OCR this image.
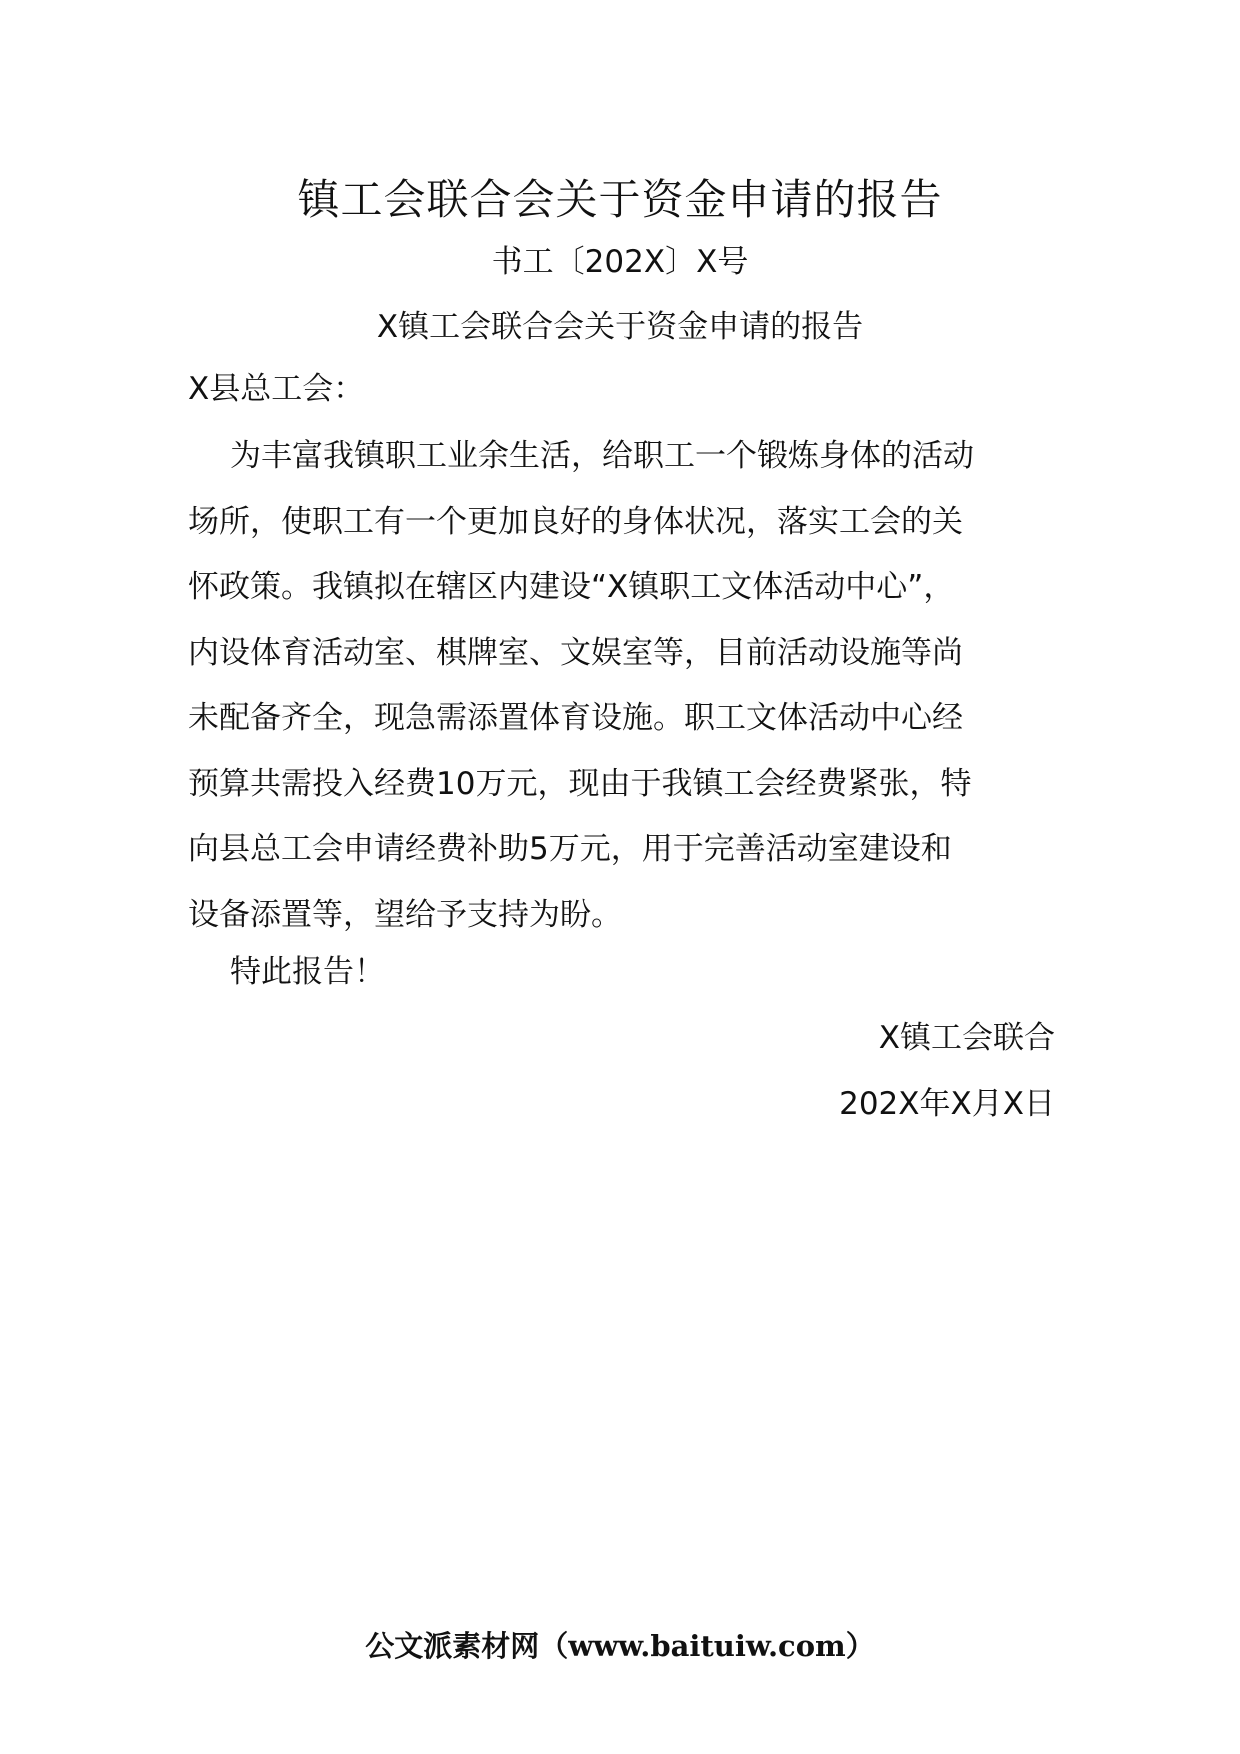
镇工会联合会关于资金申请的报告
书工〔202X〕X号
X镇工会联合会关于资金申请的报告
X县总工会：
为丰富我镇职工业余生活，给职工一个锻炼身体的活动
场所，使职工有一个更加良好的身体状况，落实工会的关
怀政策。我镇拟在辖区内建设“X镇职工文体活动中心”，
内设体育活动室、棋牌室、文娱室等，目前活动设施等尚
未配备齐全，现急需添置体育设施。职工文体活动中心经
预算共需投入经费10万元，现由于我镇工会经费紧张，特
向县总工会申请经费补助5万元，用于完善活动室建设和
设备添置等，望给予支持为盼。
特此报告！
X镇工会联合
202X年X月X日
公文派素材网（www.baituiw.com）
